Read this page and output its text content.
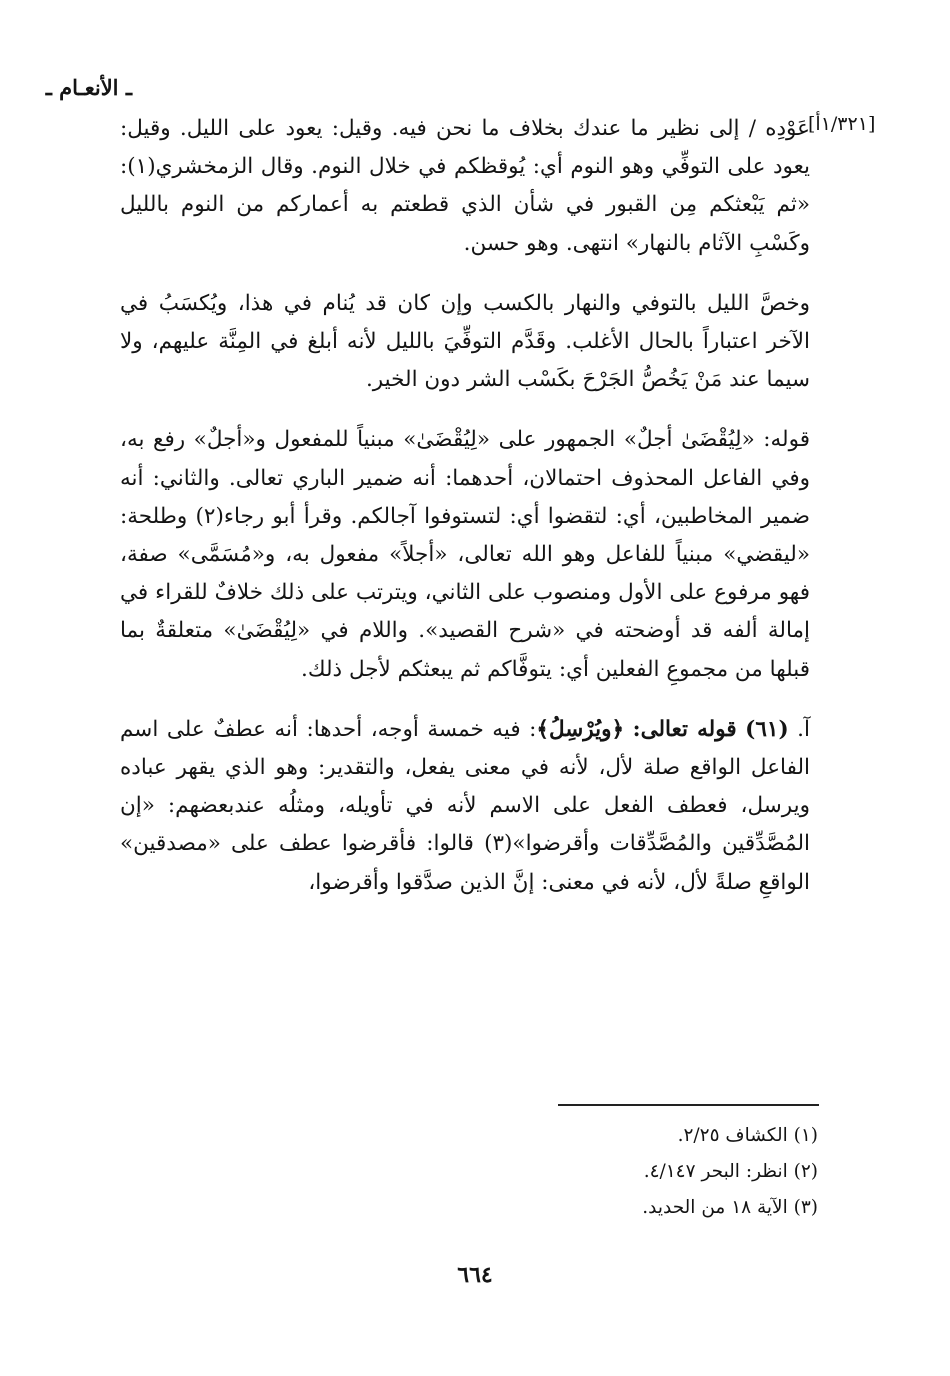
ـ الأنعـام ـ
[١/٣٢١أ]

عَوْدِه / إلى نظير ما عندك بخلاف ما نحن فيه. وقيل: يعود على الليل. وقيل: يعود على التوفِّي وهو النوم أي: يُوقظكم في خلال النوم. وقال الزمخشري(١): «ثم يَبْعثكم مِن القبور في شأن الذي قطعتم به أعماركم من النوم بالليل وكَسْبِ الآثام بالنهار» انتهى. وهو حسن.

وخصَّ الليل بالتوفي والنهار بالكسب وإن كان قد يُنام في هذا، ويُكسَبُ في الآخر اعتباراً بالحال الأغلب. وقَدَّم التوفِّيَ بالليل لأنه أبلغ في المِنَّة عليهم، ولا سيما عند مَنْ يَخُصُّ الجَرْحَ بكَسْب الشر دون الخير.

قوله: «لِيُقْضَىٰ أجلٌ» الجمهور على «لِيُقْضَىٰ» مبنياً للمفعول و«أجلٌ» رفع به، وفي الفاعل المحذوف احتمالان، أحدهما: أنه ضمير الباري تعالى. والثاني: أنه ضمير المخاطبين، أي: لتقضوا أي: لتستوفوا آجالكم. وقرأ أبو رجاء(٢) وطلحة: «ليقضي» مبنياً للفاعل وهو الله تعالى، «أجلاً» مفعول به، و«مُسَمَّى» صفة، فهو مرفوع على الأول ومنصوب على الثاني، ويترتب على ذلك خلافٌ للقراء في إمالة ألفه قد أوضحته في «شرح القصيد». واللام في «لِيُقْضَىٰ» متعلقةٌ بما قبلها من مجموعِ الفعلين أي: يتوفَّاكم ثم يبعثكم لأجل ذلك.

آ. (٦١) قوله تعالى: ﴿ويُرْسِلُ﴾: فيه خمسة أوجه، أحدها: أنه عطفٌ على اسم الفاعل الواقع صلة لأل، لأنه في معنى يفعل، والتقدير: وهو الذي يقهر عباده ويرسل، فعطف الفعل على الاسم لأنه في تأويله، ومثلُه عندبعضهم: «إن المُصَّدِّقين والمُصَّدِّقات وأقرضوا»(٣) قالوا: فأقرضوا عطف على «مصدقين» الواقعِ صلةً لأل، لأنه في معنى: إنَّ الذين صدَّقوا وأقرضوا،

(١) الكشاف ٢/٢٥.

(٢) انظر: البحر ٤/١٤٧.

(٣) الآية ١٨ من الحديد.

٦٦٤
